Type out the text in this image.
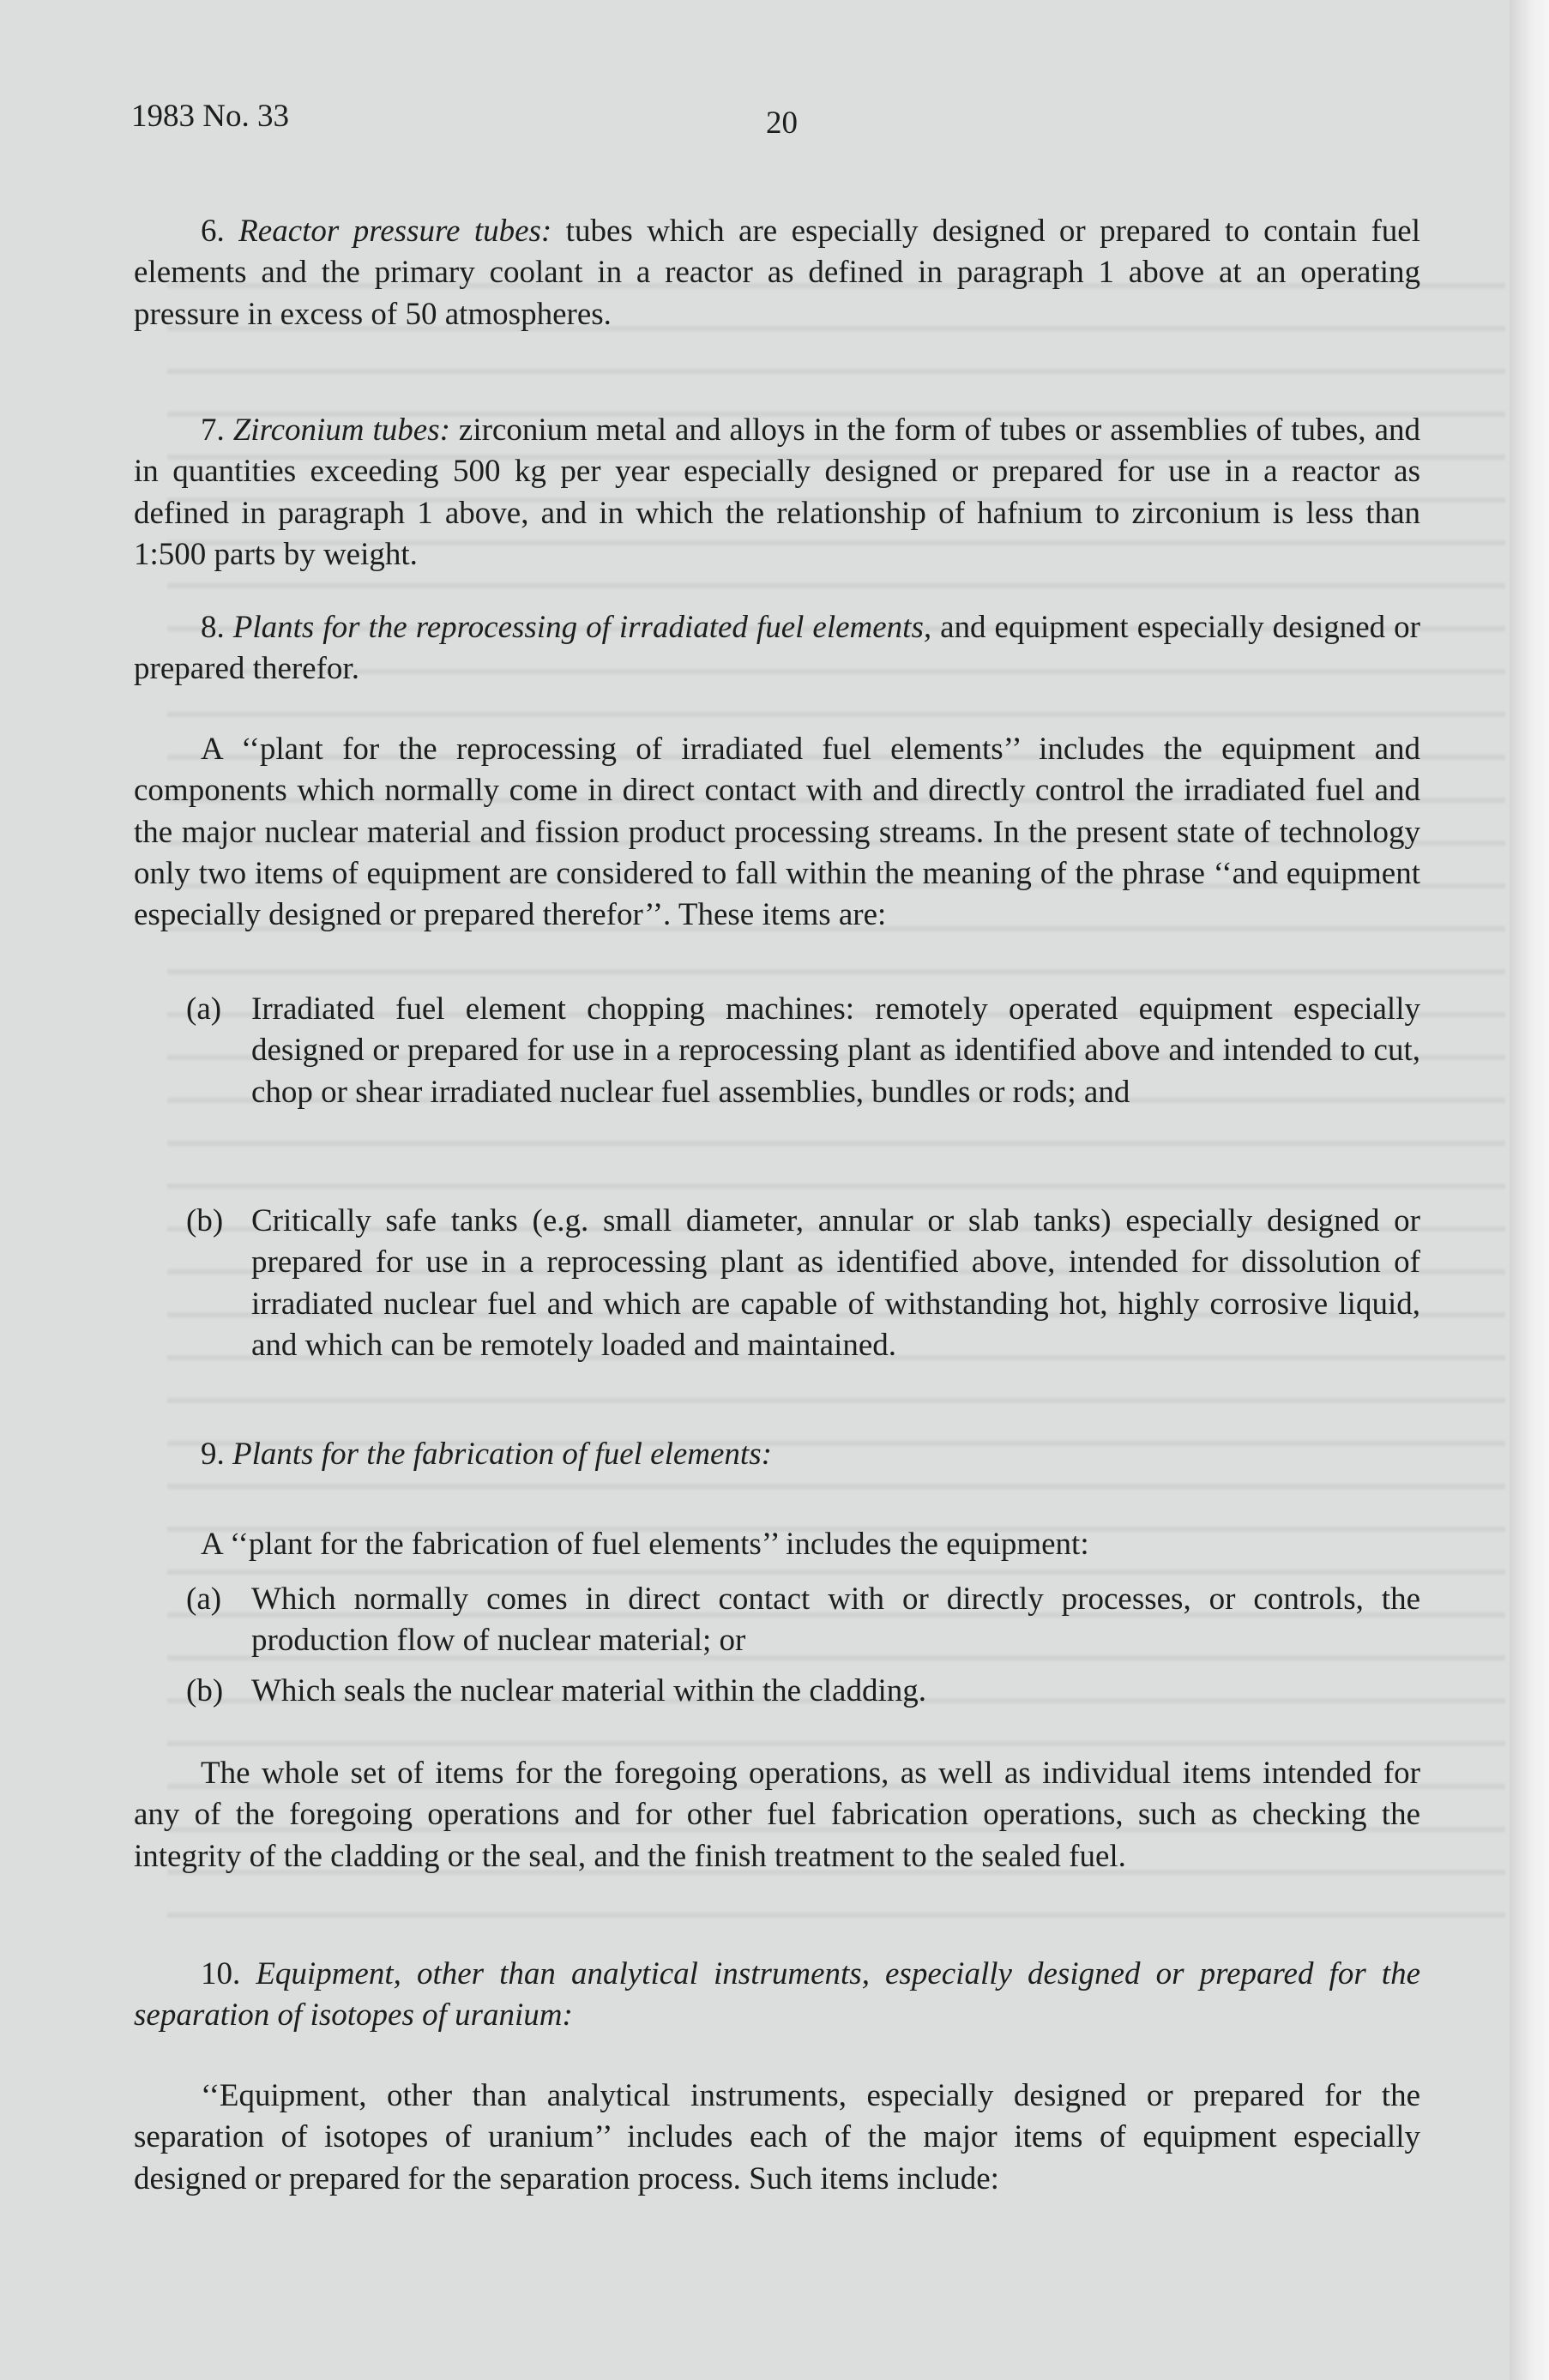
1983 No. 33	20

6. Reactor pressure tubes: tubes which are especially designed or prepared to contain fuel elements and the primary coolant in a reactor as defined in paragraph 1 above at an operating pressure in excess of 50 atmospheres.

7. Zirconium tubes: zirconium metal and alloys in the form of tubes or assemblies of tubes, and in quantities exceeding 500 kg per year especially designed or prepared for use in a reactor as defined in paragraph 1 above, and in which the relationship of hafnium to zirconium is less than 1:500 parts by weight.

8. Plants for the reprocessing of irradiated fuel elements, and equipment especially designed or prepared therefor.

A ‘‘plant for the reprocessing of irradiated fuel elements’’ includes the equipment and components which normally come in direct contact with and directly control the irradiated fuel and the major nuclear material and fission product processing streams. In the present state of technology only two items of equipment are considered to fall within the meaning of the phrase ‘‘and equipment especially designed or prepared therefor’’. These items are:

(a) Irradiated fuel element chopping machines: remotely operated equipment especially designed or prepared for use in a reprocessing plant as identified above and intended to cut, chop or shear irradiated nuclear fuel assemblies, bundles or rods; and
(b) Critically safe tanks (e.g. small diameter, annular or slab tanks) especially designed or prepared for use in a reprocessing plant as identified above, intended for dissolution of irradiated nuclear fuel and which are capable of withstanding hot, highly corrosive liquid, and which can be remotely loaded and maintained.

9. Plants for the fabrication of fuel elements:

A ‘‘plant for the fabrication of fuel elements’’ includes the equipment:

(a) Which normally comes in direct contact with or directly processes, or controls, the production flow of nuclear material; or
(b) Which seals the nuclear material within the cladding.

The whole set of items for the foregoing operations, as well as individual items intended for any of the foregoing operations and for other fuel fabrication operations, such as checking the integrity of the cladding or the seal, and the finish treatment to the sealed fuel.

10. Equipment, other than analytical instruments, especially designed or prepared for the separation of isotopes of uranium:

‘‘Equipment, other than analytical instruments, especially designed or prepared for the separation of isotopes of uranium’’ includes each of the major items of equipment especially designed or prepared for the separation process. Such items include:
